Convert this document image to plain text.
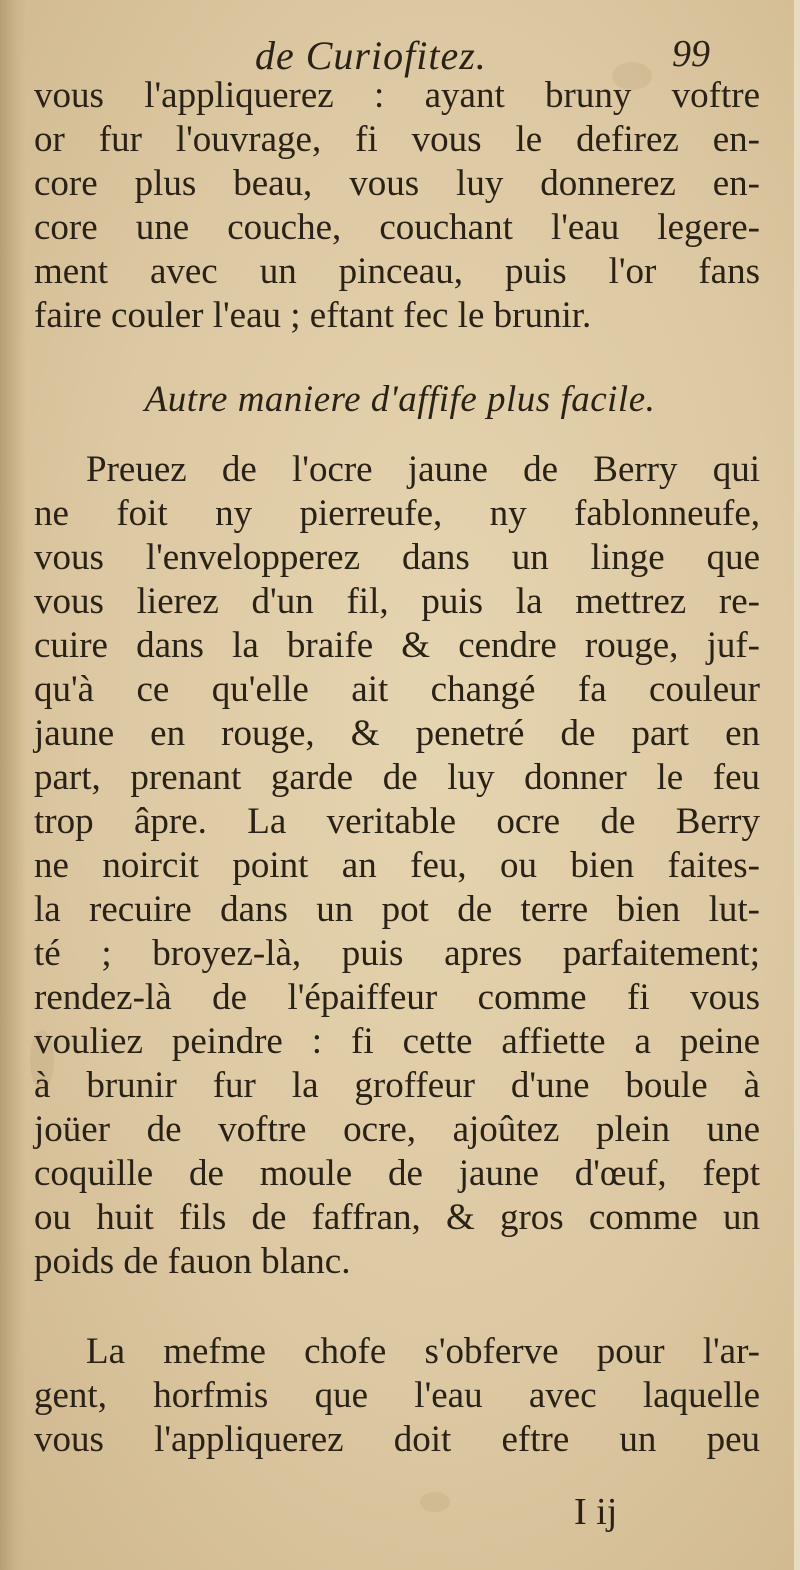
de Curiofitez.	99
vous l'appliquerez : ayant bruny voftre
or fur l'ouvrage, fi vous le defirez en-
core plus beau, vous luy donnerez en-
core une couche, couchant l'eau legere-
ment avec un pinceau, puis l'or fans
faire couler l'eau ; eftant fec le brunir.
Autre maniere d'affife plus facile.
Preuez de l'ocre jaune de Berry qui
ne foit ny pierreufe, ny fablonneufe,
vous l'envelopperez dans un linge que
vous lierez d'un fil, puis la mettrez re-
cuire dans la braife & cendre rouge, juf-
qu'à ce qu'elle ait changé fa couleur
jaune en rouge, & penetré de part en
part, prenant garde de luy donner le feu
trop âpre. La veritable ocre de Berry
ne noircit point an feu, ou bien faites-
la recuire dans un pot de terre bien lut-
té ; broyez-là, puis apres parfaitement;
rendez-là de l'épaiffeur comme fi vous
vouliez peindre : fi cette affiette a peine
à brunir fur la groffeur d'une boule à
joüer de voftre ocre, ajoûtez plein une
coquille de moule de jaune d'œuf, fept
ou huit fils de faffran, & gros comme un
poids de fauon blanc.
La mefme chofe s'obferve pour l'ar-
gent, horfmis que l'eau avec laquelle
vous l'appliquerez doit eftre un peu
I ij
